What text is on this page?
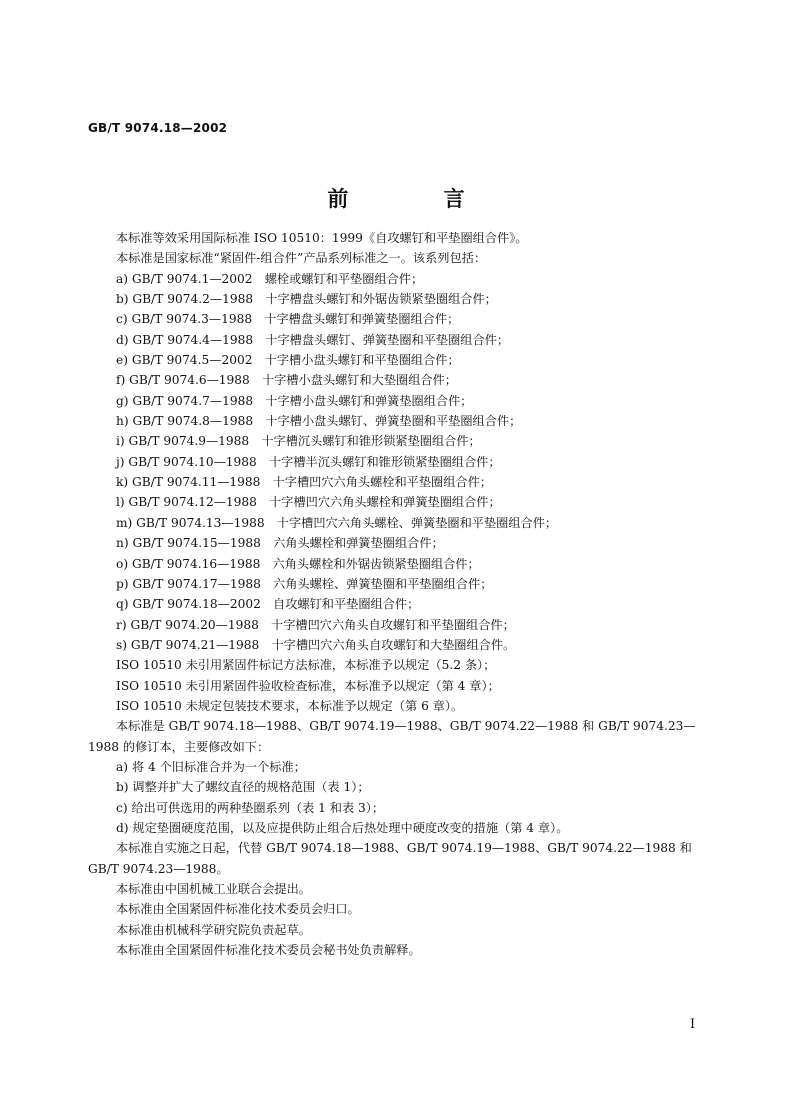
GB/T 9074.18—2002
前 言
本标准等效采用国际标准 ISO 10510：1999《自攻螺钉和平垫圈组合件》。
本标准是国家标准“紧固件-组合件”产品系列标准之一。该系列包括：
a) GB/T 9074.1—2002　螺栓或螺钉和平垫圈组合件；
b) GB/T 9074.2—1988　十字槽盘头螺钉和外锯齿锁紧垫圈组合件；
c) GB/T 9074.3—1988　十字槽盘头螺钉和弹簧垫圈组合件；
d) GB/T 9074.4—1988　十字槽盘头螺钉、弹簧垫圈和平垫圈组合件；
e) GB/T 9074.5—2002　十字槽小盘头螺钉和平垫圈组合件；
f) GB/T 9074.6—1988　十字槽小盘头螺钉和大垫圈组合件；
g) GB/T 9074.7—1988　十字槽小盘头螺钉和弹簧垫圈组合件；
h) GB/T 9074.8—1988　十字槽小盘头螺钉、弹簧垫圈和平垫圈组合件；
i) GB/T 9074.9—1988　十字槽沉头螺钉和锥形锁紧垫圈组合件；
j) GB/T 9074.10—1988　十字槽半沉头螺钉和锥形锁紧垫圈组合件；
k) GB/T 9074.11—1988　十字槽凹穴六角头螺栓和平垫圈组合件；
l) GB/T 9074.12—1988　十字槽凹穴六角头螺栓和弹簧垫圈组合件；
m) GB/T 9074.13—1988　十字槽凹穴六角头螺栓、弹簧垫圈和平垫圈组合件；
n) GB/T 9074.15—1988　六角头螺栓和弹簧垫圈组合件；
o) GB/T 9074.16—1988　六角头螺栓和外锯齿锁紧垫圈组合件；
p) GB/T 9074.17—1988　六角头螺栓、弹簧垫圈和平垫圈组合件；
q) GB/T 9074.18—2002　自攻螺钉和平垫圈组合件；
r) GB/T 9074.20—1988　十字槽凹穴六角头自攻螺钉和平垫圈组合件；
s) GB/T 9074.21—1988　十字槽凹穴六角头自攻螺钉和大垫圈组合件。
ISO 10510 未引用紧固件标记方法标准，本标准予以规定（5.2 条）；
ISO 10510 未引用紧固件验收检查标准，本标准予以规定（第 4 章）；
ISO 10510 未规定包装技术要求，本标准予以规定（第 6 章）。
本标准是 GB/T 9074.18—1988、GB/T 9074.19—1988、GB/T 9074.22—1988 和 GB/T 9074.23—
1988 的修订本，主要修改如下：
a) 将 4 个旧标准合并为一个标准；
b) 调整并扩大了螺纹直径的规格范围（表 1）；
c) 给出可供选用的两种垫圈系列（表 1 和表 3）；
d) 规定垫圈硬度范围，以及应提供防止组合后热处理中硬度改变的措施（第 4 章）。
本标准自实施之日起，代替 GB/T 9074.18—1988、GB/T 9074.19—1988、GB/T 9074.22—1988 和
GB/T 9074.23—1988。
本标准由中国机械工业联合会提出。
本标准由全国紧固件标准化技术委员会归口。
本标准由机械科学研究院负责起草。
本标准由全国紧固件标准化技术委员会秘书处负责解释。
I
